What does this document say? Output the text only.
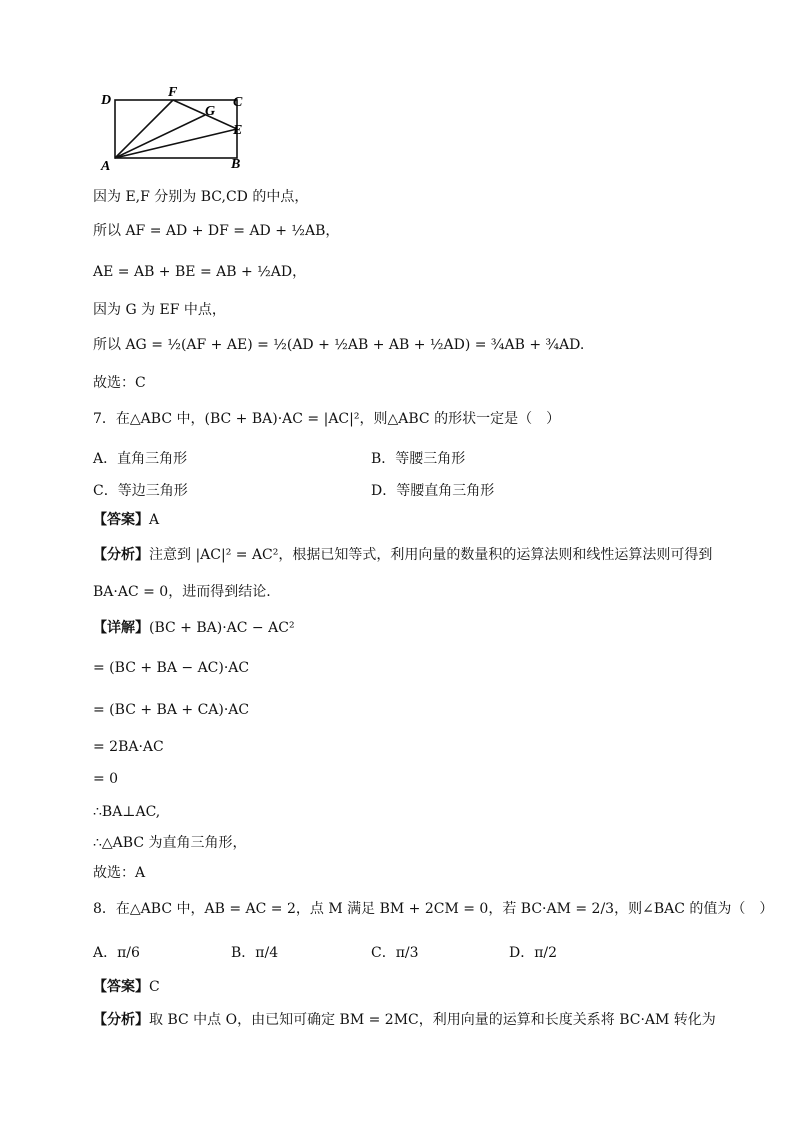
D
F
G
C
E
A	B
因为 E,F 分别为 BC,CD 的中点，
所以 AF = AD + DF = AD + ½AB，
AE = AB + BE = AB + ½AD，
因为 G 为 EF 中点，
所以 AG = ½(AF + AE) = ½(AD + ½AB + AB + ½AD) = ¾AB + ¾AD.
故选：C
7．在△ABC 中，(BC + BA)·AC = |AC|²，则△ABC 的形状一定是（　）
A．直角三角形	B．等腰三角形
C．等边三角形	D．等腰直角三角形
【答案】A
【分析】注意到 |AC|² = AC²，根据已知等式，利用向量的数量积的运算法则和线性运算法则可得到
BA·AC = 0，进而得到结论.
【详解】(BC + BA)·AC − AC²
= (BC + BA − AC)·AC
= (BC + BA + CA)·AC
= 2BA·AC
= 0
∴BA⊥AC,
∴△ABC 为直角三角形，
故选：A
8．在△ABC 中，AB = AC = 2，点 M 满足 BM + 2CM = 0，若 BC·AM = 2/3，则∠BAC 的值为（　）
A．π/6	B．π/4	C．π/3	D．π/2
【答案】C
【分析】取 BC 中点 O，由已知可确定 BM = 2MC，利用向量的运算和长度关系将 BC·AM 转化为
